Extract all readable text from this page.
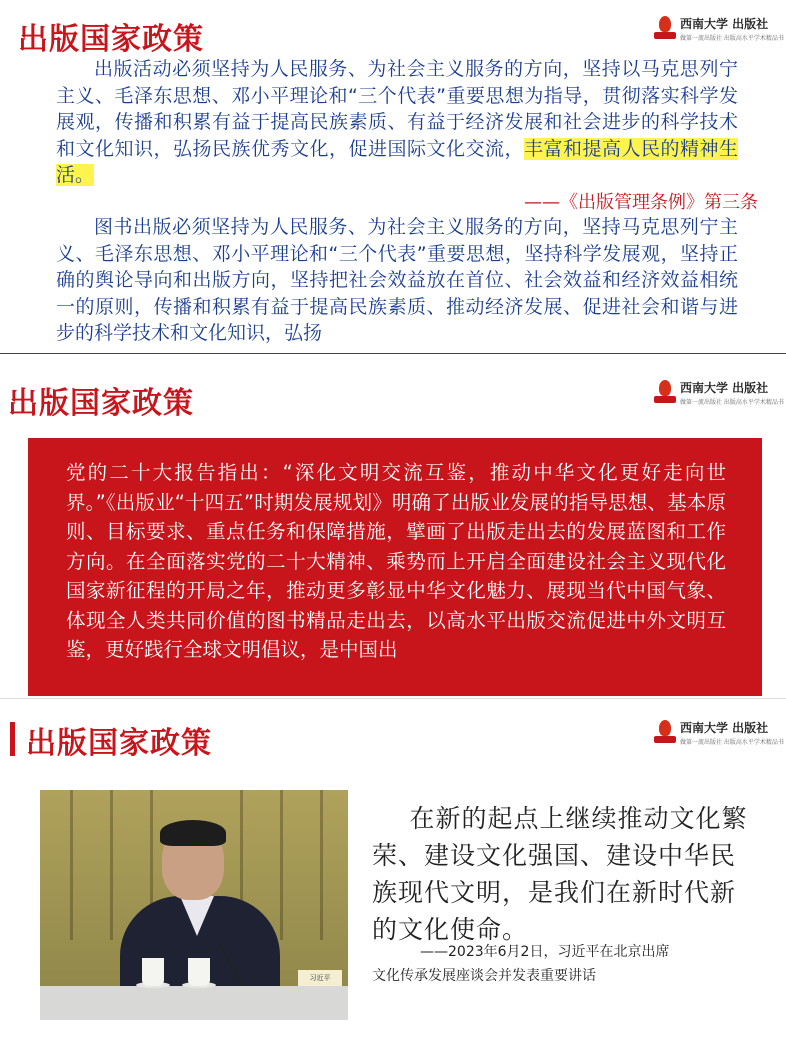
出版国家政策	西南大学 出版社
做第一流出版社 出版高水平学术精品书

出版活动必须坚持为人民服务、为社会主义服务的方向，坚持以马克思列宁主义、毛泽东思想、邓小平理论和“三个代表”重要思想为指导，贯彻落实科学发展观，传播和积累有益于提高民族素质、有益于经济发展和社会进步的科学技术和文化知识，弘扬民族优秀文化，促进国际文化交流，丰富和提高人民的精神生活。

——《出版管理条例》第三条

图书出版必须坚持为人民服务、为社会主义服务的方向，坚持马克思列宁主义、毛泽东思想、邓小平理论和“三个代表”重要思想，坚持科学发展观，坚持正确的舆论导向和出版方向，坚持把社会效益放在首位、社会效益和经济效益相统一的原则，传播和积累有益于提高民族素质、推动经济发展、促进社会和谐与进步的科学技术和文化知识，弘扬

出版国家政策	西南大学 出版社
做第一流出版社 出版高水平学术精品书

党的二十大报告指出：“深化文明交流互鉴，推动中华文化更好走向世界。”《出版业“十四五”时期发展规划》明确了出版业发展的指导思想、基本原则、目标要求、重点任务和保障措施，擘画了出版走出去的发展蓝图和工作方向。在全面落实党的二十大精神、乘势而上开启全面建设社会主义现代化国家新征程的开局之年，推动更多彰显中华文化魅力、展现当代中国气象、体现全人类共同价值的图书精品走出去，以高水平出版交流促进中外文明互鉴，更好践行全球文明倡议，是中国出

出版国家政策	西南大学 出版社
做第一流出版社 出版高水平学术精品书
习近平

在新的起点上继续推动文化繁荣、建设文化强国、建设中华民族现代文明，是我们在新时代新的文化使命。

——2023年6月2日，习近平在北京出席
文化传承发展座谈会并发表重要讲话
